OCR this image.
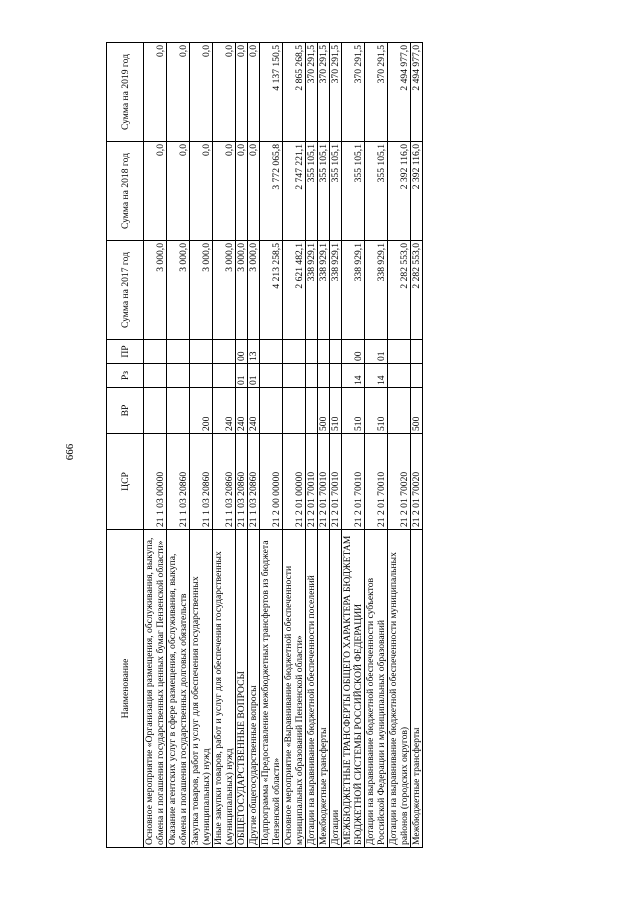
666
Наименование	ЦСР	ВР	Рз	ПР	Сумма на 2017 год	Сумма на 2018 год	Сумма на 2019 год
Основное мероприятие «Организация размещения, обслуживания, выкупа, обмена и погашения государственных ценных бумаг Пензенской области»	21 1 03 00000				3 000,0	0,0	0,0
Оказание агентских услуг в сфере размещения, обслуживания, выкупа, обмена и погашения государственных долговых обязательств	21 1 03 20860				3 000,0	0,0	0,0
Закупка товаров, работ и услуг для обеспечения государственных (муниципальных) нужд	21 1 03 20860	200			3 000,0	0,0	0,0
Иные закупки товаров, работ и услуг для обеспечения государственных (муниципальных) нужд	21 1 03 20860	240			3 000,0	0,0	0,0
ОБЩЕГОСУДАРСТВЕННЫЕ ВОПРОСЫ	21 1 03 20860	240	01	00	3 000,0	0,0	0,0
Другие общегосударственные вопросы	21 1 03 20860	240	01	13	3 000,0	0,0	0,0
Подпрограмма «Предоставление межбюджетных трансфертов из бюджета Пензенской области»	21 2 00 00000				4 213 258,5	3 772 065,8	4 137 150,5
Основное мероприятие «Выравнивание бюджетной обеспеченности муниципальных образований Пензенской области»	21 2 01 00000				2 621 482,1	2 747 221,1	2 865 268,5
Дотации на выравнивание бюджетной обеспеченности поселений	21 2 01 70010				338 929,1	355 105,1	370 291,5
Межбюджетные трансферты	21 2 01 70010	500			338 929,1	355 105,1	370 291,5
Дотации	21 2 01 70010	510			338 929,1	355 105,1	370 291,5
МЕЖБЮДЖЕТНЫЕ ТРАНСФЕРТЫ ОБЩЕГО ХАРАКТЕРА БЮДЖЕТАМ БЮДЖЕТНОЙ СИСТЕМЫ РОССИЙСКОЙ ФЕДЕРАЦИИ	21 2 01 70010	510	14	00	338 929,1	355 105,1	370 291,5
Дотации на выравнивание бюджетной обеспеченности субъектов Российской Федерации и муниципальных образований	21 2 01 70010	510	14	01	338 929,1	355 105,1	370 291,5
Дотации на выравнивание бюджетной обеспеченности муниципальных районов (городских округов)	21 2 01 70020				2 282 553,0	2 392 116,0	2 494 977,0
Межбюджетные трансферты	21 2 01 70020	500			2 282 553,0	2 392 116,0	2 494 977,0
